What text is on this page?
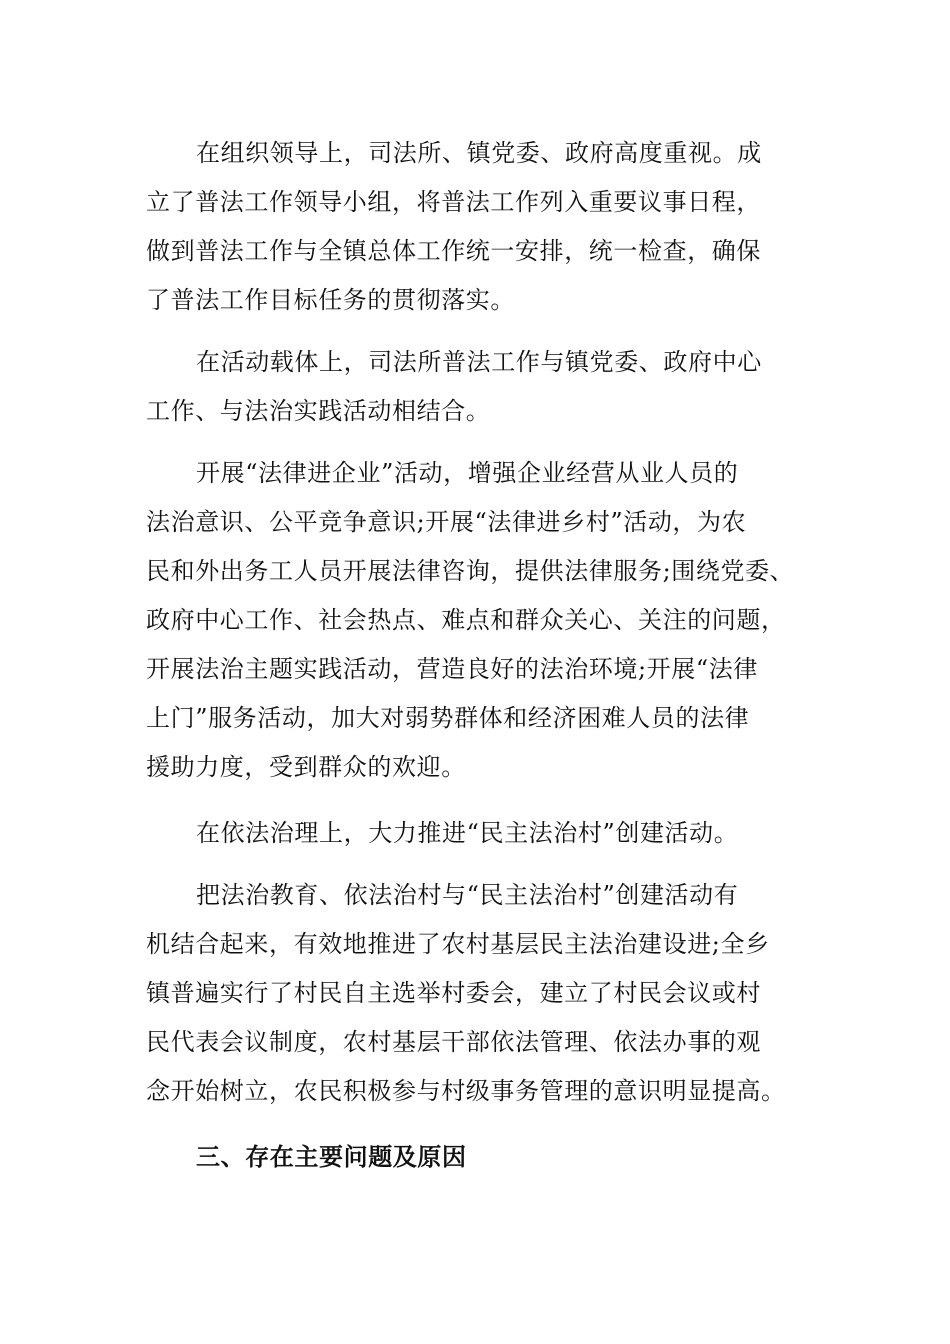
在组织领导上，司法所、镇党委、政府高度重视。成
立了普法工作领导小组，将普法工作列入重要议事日程，
做到普法工作与全镇总体工作统一安排，统一检查，确保
了普法工作目标任务的贯彻落实。
在活动载体上，司法所普法工作与镇党委、政府中心
工作、与法治实践活动相结合。
开展“法律进企业”活动，增强企业经营从业人员的
法治意识、公平竞争意识;开展“法律进乡村”活动，为农
民和外出务工人员开展法律咨询，提供法律服务;围绕党委、
政府中心工作、社会热点、难点和群众关心、关注的问题，
开展法治主题实践活动，营造良好的法治环境;开展“法律
上门”服务活动，加大对弱势群体和经济困难人员的法律
援助力度，受到群众的欢迎。
在依法治理上，大力推进“民主法治村”创建活动。
把法治教育、依法治村与“民主法治村”创建活动有
机结合起来，有效地推进了农村基层民主法治建设进;全乡
镇普遍实行了村民自主选举村委会，建立了村民会议或村
民代表会议制度，农村基层干部依法管理、依法办事的观
念开始树立，农民积极参与村级事务管理的意识明显提高。
三、存在主要问题及原因
